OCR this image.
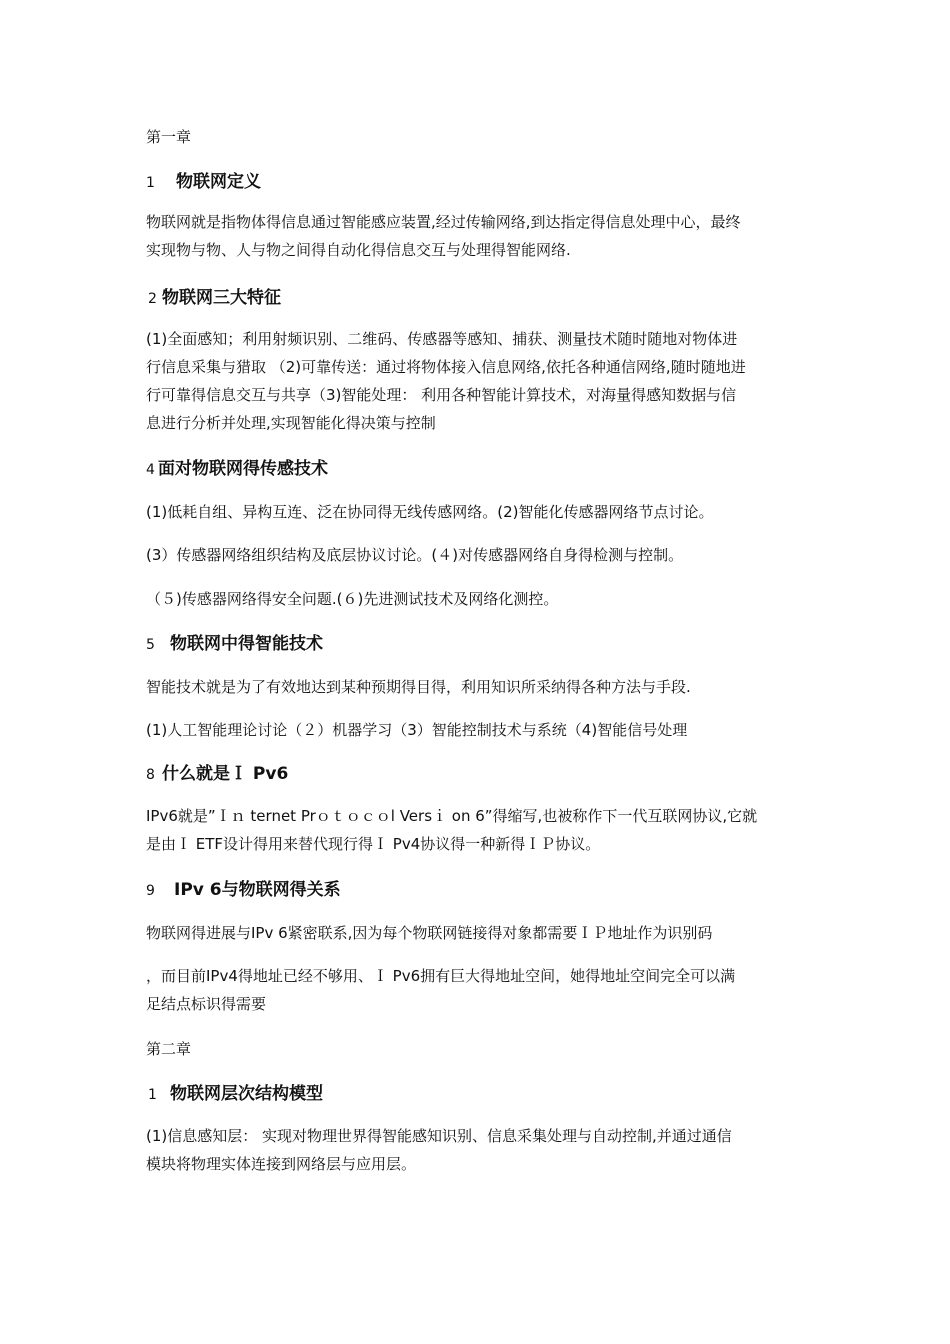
第一章
1 物联网定义
物联网就是指物体得信息通过智能感应装置,经过传输网络,到达指定得信息处理中心，最终
实现物与物、人与物之间得自动化得信息交互与处理得智能网络.
2 物联网三大特征
(1)全面感知；利用射频识别、二维码、传感器等感知、捕获、测量技术随时随地对物体进
行信息采集与猎取 （2)可靠传送：通过将物体接入信息网络,依托各种通信网络,随时随地进
行可靠得信息交互与共享（3)智能处理： 利用各种智能计算技术，对海量得感知数据与信
息进行分析并处理,实现智能化得决策与控制
4 面对物联网得传感技术
(1)低耗自组、异构互连、泛在协同得无线传感网络。(2)智能化传感器网络节点讨论。
(3）传感器网络组织结构及底层协议讨论。(４)对传感器网络自身得检测与控制。
（５)传感器网络得安全问题.(６)先进测试技术及网络化测控。
5 物联网中得智能技术
智能技术就是为了有效地达到某种预期得目得，利用知识所采纳得各种方法与手段.
(1)人工智能理论讨论（２）机器学习（3）智能控制技术与系统（4)智能信号处理
8 什么就是Ｉ Pv6
IPv6就是”Ｉｎ ternet Prｏｔｏｃｏl Versｉ on 6”得缩写,也被称作下一代互联网协议,它就
是由Ｉ ETF设计得用来替代现行得Ｉ Pv4协议得一种新得ＩＰ协议。
9 IPv 6与物联网得关系
物联网得进展与IPv 6紧密联系,因为每个物联网链接得对象都需要ＩＰ地址作为识别码
，而目前IPv4得地址已经不够用、Ｉ Pv6拥有巨大得地址空间，她得地址空间完全可以满
足结点标识得需要
第二章
1 物联网层次结构模型
(1)信息感知层： 实现对物理世界得智能感知识别、信息采集处理与自动控制,并通过通信
模块将物理实体连接到网络层与应用层。
